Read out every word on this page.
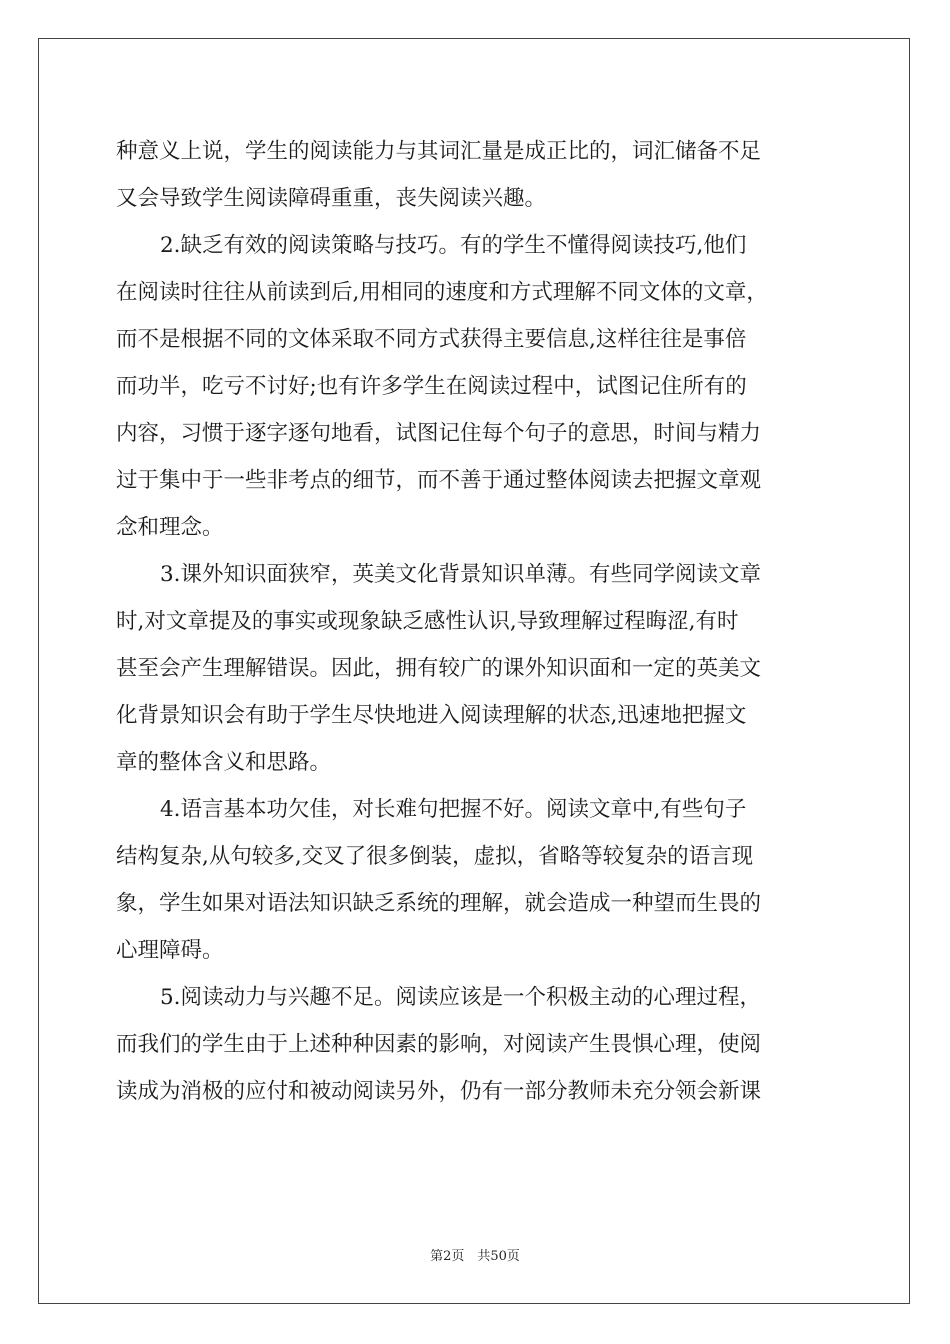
种意义上说，学生的阅读能力与其词汇量是成正比的，词汇储备不足
又会导致学生阅读障碍重重，丧失阅读兴趣。
2.缺乏有效的阅读策略与技巧。有的学生不懂得阅读技巧,他们
在阅读时往往从前读到后,用相同的速度和方式理解不同文体的文章，
而不是根据不同的文体采取不同方式获得主要信息,这样往往是事倍
而功半，吃亏不讨好;也有许多学生在阅读过程中，试图记住所有的
内容，习惯于逐字逐句地看，试图记住每个句子的意思，时间与精力
过于集中于一些非考点的细节，而不善于通过整体阅读去把握文章观
念和理念。
3.课外知识面狭窄，英美文化背景知识单薄。有些同学阅读文章
时,对文章提及的事实或现象缺乏感性认识,导致理解过程晦涩,有时
甚至会产生理解错误。因此，拥有较广的课外知识面和一定的英美文
化背景知识会有助于学生尽快地进入阅读理解的状态,迅速地把握文
章的整体含义和思路。
4.语言基本功欠佳，对长难句把握不好。阅读文章中,有些句子
结构复杂,从句较多,交叉了很多倒装，虚拟，省略等较复杂的语言现
象，学生如果对语法知识缺乏系统的理解，就会造成一种望而生畏的
心理障碍。
5.阅读动力与兴趣不足。阅读应该是一个积极主动的心理过程，
而我们的学生由于上述种种因素的影响，对阅读产生畏惧心理，使阅
读成为消极的应付和被动阅读另外，仍有一部分教师未充分领会新课
第2页　共50页
